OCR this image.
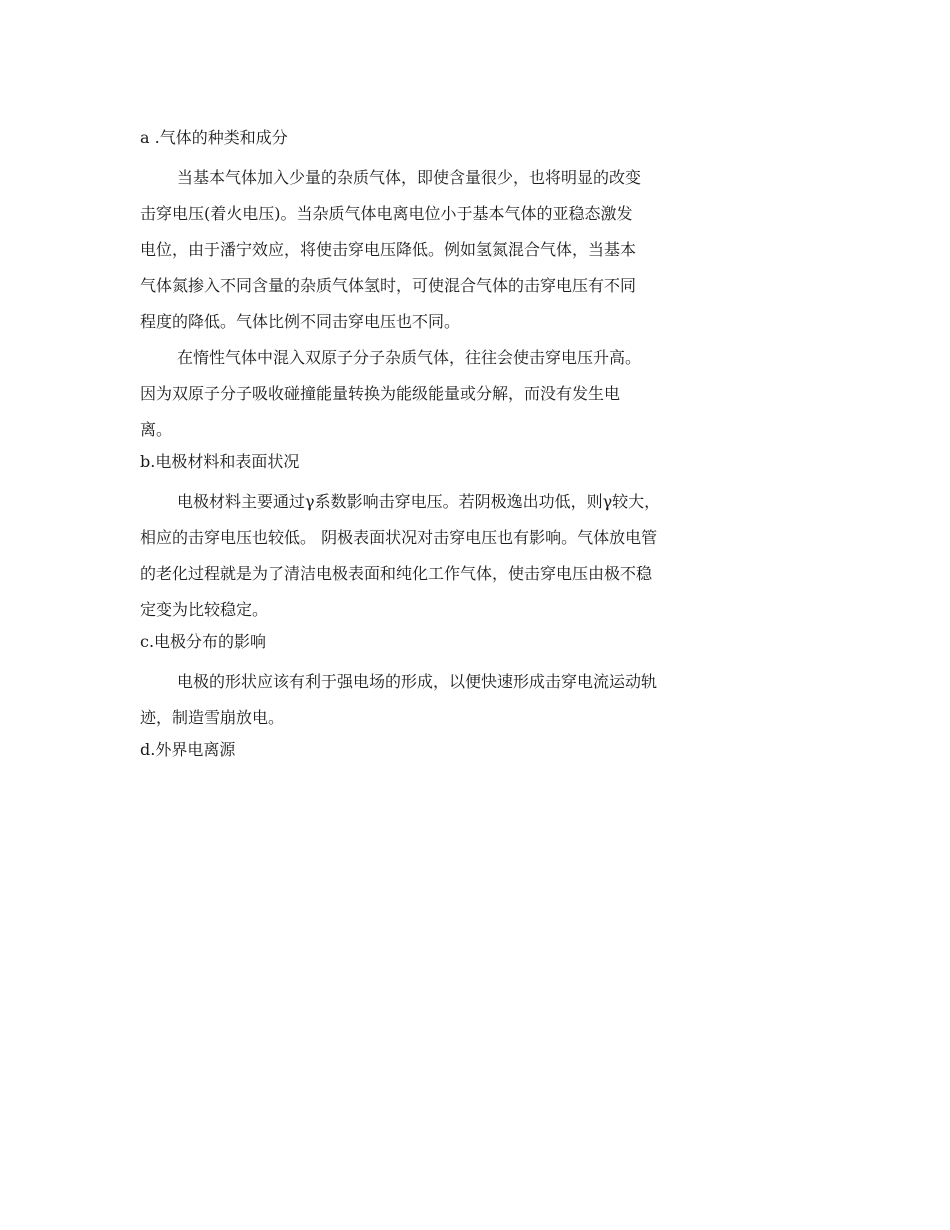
a .气体的种类和成分
当基本气体加入少量的杂质气体，即使含量很少，也将明显的改变
击穿电压(着火电压)。当杂质气体电离电位小于基本气体的亚稳态激发
电位，由于潘宁效应，将使击穿电压降低。例如氢氮混合气体，当基本
气体氮掺入不同含量的杂质气体氢时，可使混合气体的击穿电压有不同
程度的降低。气体比例不同击穿电压也不同。
在惰性气体中混入双原子分子杂质气体，往往会使击穿电压升高。
因为双原子分子吸收碰撞能量转换为能级能量或分解，而没有发生电
离。
b.电极材料和表面状况
电极材料主要通过γ系数影响击穿电压。若阴极逸出功低，则γ较大，
相应的击穿电压也较低。 阴极表面状况对击穿电压也有影响。气体放电管
的老化过程就是为了清洁电极表面和纯化工作气体，使击穿电压由极不稳
定变为比较稳定。
c.电极分布的影响
电极的形状应该有利于强电场的形成，以便快速形成击穿电流运动轨
迹，制造雪崩放电。
d.外界电离源
